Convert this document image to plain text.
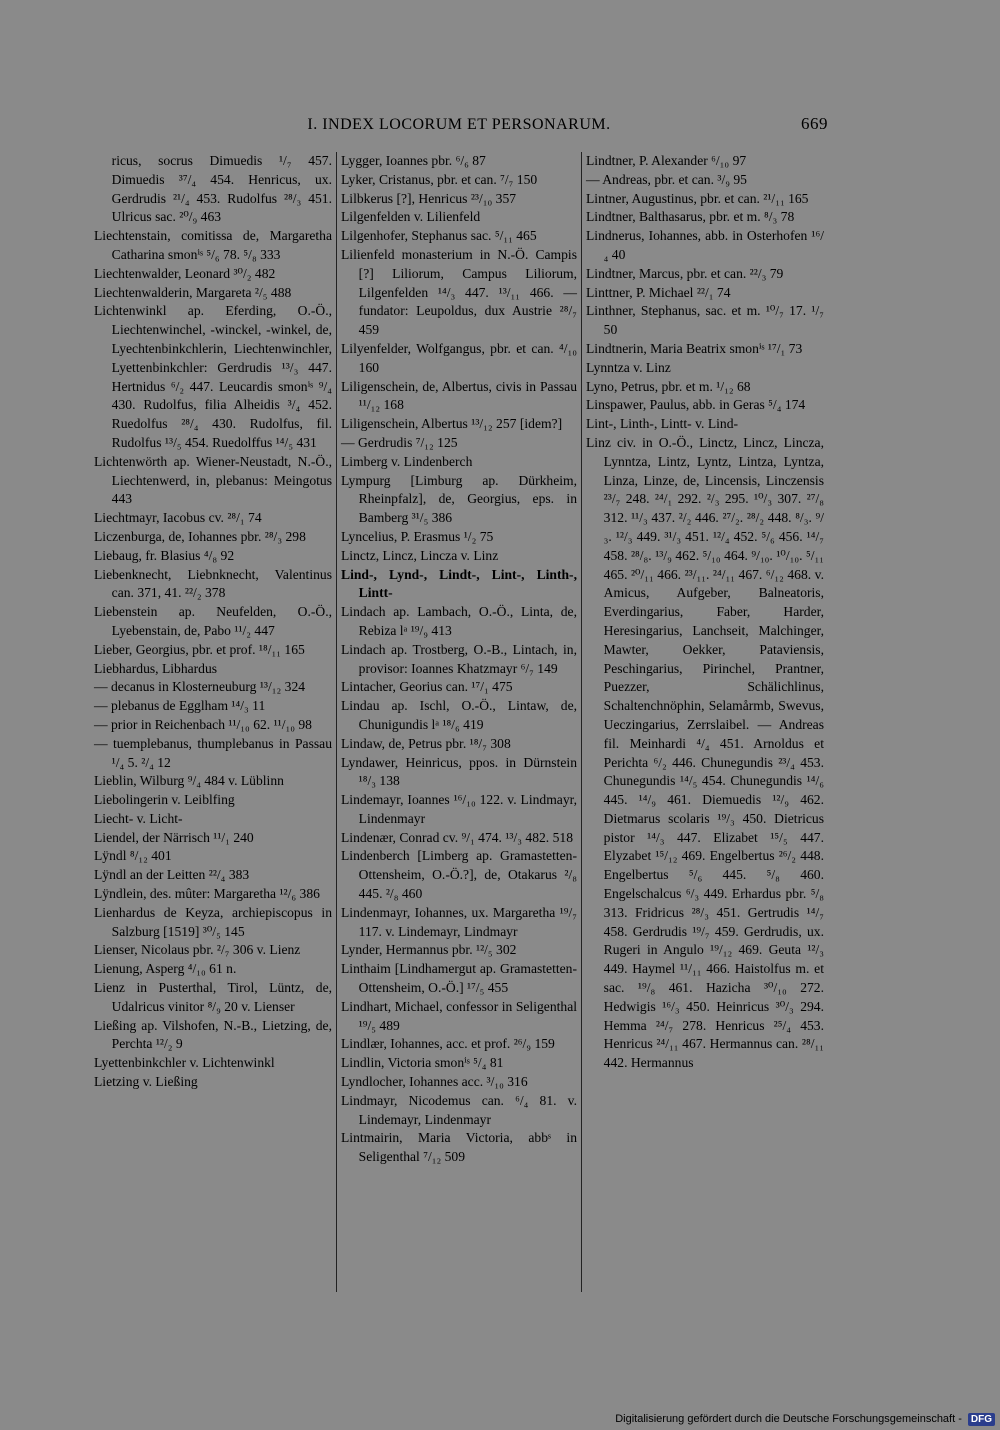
I. INDEX LOCORUM ET PERSONARUM.	669

ricus, socrus Dimuedis ¹/₇ 457. Dimuedis ³⁷/₄ 454. Henricus, ux. Gerdrudis ²¹/₄ 453. Rudolfus ²⁸/₃ 451. Ulricus sac. ²⁰/₉ 463

Liechtenstain, comitissa de, Margaretha Catharina smonⁱˢ ⁵/₆ 78. ⁵/₈ 333

Liechtenwalder, Leonard ³⁰/₂ 482

Liechtenwalderin, Margareta ²/₅ 488

Lichtenwinkl ap. Eferding, O.-Ö., Liechtenwinchel, -winckel, -winkel, de, Lyechtenbinkchlerin, Liechtenwinchler, Lyettenbinkchler: Gerdrudis ¹³/₃ 447. Hertnidus ⁶/₂ 447. Leucardis smonⁱˢ ⁹/₄ 430. Rudolfus, filia Alheidis ³/₄ 452. Ruedolfus ²⁸/₄ 430. Rudolfus, fil. Rudolfus ¹³/₅ 454. Ruedolffus ¹⁴/₅ 431

Lichtenwörth ap. Wiener-Neustadt, N.-Ö., Liechtenwerd, in, plebanus: Meingotus 443

Liechtmayr, Iacobus cv. ²⁸/₁ 74

Liczenburga, de, Iohannes pbr. ²⁸/₃ 298

Liebaug, fr. Blasius ⁴/₈ 92

Liebenknecht, Liebnknecht, Valentinus can. 371, 41. ²²/₂ 378

Liebenstein ap. Neufelden, O.-Ö., Lyebenstain, de, Pabo ¹¹/₂ 447

Lieber, Georgius, pbr. et prof. ¹⁸/₁₁ 165

Liebhardus, Libhardus

— decanus in Klosterneuburg ¹³/₁₂ 324

— plebanus de Egglham ¹⁴/₃ 11

— prior in Reichenbach ¹¹/₁₀ 62. ¹¹/₁₀ 98

— tuemplebanus, thumplebanus in Passau ¹/₄ 5. ²/₄ 12

Lieblin, Wilburg ⁹/₄ 484 v. Lüblinn

Liebolingerin v. Leiblfing

Liecht- v. Licht-

Liendel, der Närrisch ¹¹/₁ 240

Lÿndl ⁸/₁₂ 401

Lÿndl an der Leitten ²²/₄ 383

Lÿndlein, des. mûter: Margaretha ¹²/₆ 386

Lienhardus de Keyza, archiepiscopus in Salzburg [1519] ³⁰/₅ 145

Lienser, Nicolaus pbr. ²/₇ 306 v. Lienz

Lienung, Asperg ⁴/₁₀ 61 n.

Lienz in Pusterthal, Tirol, Lüntz, de, Udalricus vinitor ⁸/₉ 20 v. Lienser

Ließing ap. Vilshofen, N.-B., Lietzing, de, Perchta ¹²/₂ 9

Lyettenbinkchler v. Lichtenwinkl

Lietzing v. Ließing

Lygger, Ioannes pbr. ⁶/₆ 87

Lyker, Cristanus, pbr. et can. ⁷/₇ 150

Lilbkerus [?], Henricus ²³/₁₀ 357

Lilgenfelden v. Lilienfeld

Lilgenhofer, Stephanus sac. ⁵/₁₁ 465

Lilienfeld monasterium in N.-Ö. Campis [?] Liliorum, Campus Liliorum, Lilgenfelden ¹⁴/₃ 447. ¹³/₁₁ 466. — fundator: Leupoldus, dux Austrie ²⁸/₇ 459

Lilyenfelder, Wolfgangus, pbr. et can. ⁴/₁₀ 160

Liligenschein, de, Albertus, civis in Passau ¹¹/₁₂ 168

Liligenschein, Albertus ¹³/₁₂ 257 [idem?]

— Gerdrudis ⁷/₁₂ 125

Limberg v. Lindenberch

Lympurg [Limburg ap. Dürkheim, Rheinpfalz], de, Georgius, eps. in Bamberg ³¹/₅ 386

Lyncelius, P. Erasmus ¹/₂ 75

Linctz, Lincz, Lincza v. Linz

Lind-, Lynd-, Lindt-, Lint-, Linth-, Lintt-

Lindach ap. Lambach, O.-Ö., Linta, de, Rebiza lᵃ ¹⁹/₉ 413

Lindach ap. Trostberg, O.-B., Lintach, in, provisor: Ioannes Khatzmayr ⁶/₇ 149

Lintacher, Georius can. ¹⁷/₁ 475

Lindau ap. Ischl, O.-Ö., Lintaw, de, Chunigundis lᵃ ¹⁸/₆ 419

Lindaw, de, Petrus pbr. ¹⁸/₇ 308

Lyndawer, Heinricus, ppos. in Dürnstein ¹⁸/₃ 138

Lindemayr, Ioannes ¹⁶/₁₀ 122. v. Lindmayr, Lindenmayr

Lindenær, Conrad cv. ⁹/₁ 474. ¹³/₃ 482. 518

Lindenberch [Limberg ap. Gramastetten-Ottensheim, O.-Ö.?], de, Otakarus ²/₈ 445. ²/₈ 460

Lindenmayr, Iohannes, ux. Margaretha ¹⁹/₇ 117. v. Lindemayr, Lindmayr

Lynder, Hermannus pbr. ¹²/₅ 302

Linthaim [Lindhamergut ap. Gramastetten-Ottensheim, O.-Ö.] ¹⁷/₅ 455

Lindhart, Michael, confessor in Seligenthal ¹⁹/₅ 489

Lindlær, Iohannes, acc. et prof. ²⁶/₉ 159

Lindlin, Victoria smonⁱˢ ⁵/₄ 81

Lyndlocher, Iohannes acc. ³/₁₀ 316

Lindmayr, Nicodemus can. ⁶/₄ 81. v. Lindemayr, Lindenmayr

Lintmairin, Maria Victoria, abbˢ in Seligenthal ⁷/₁₂ 509

Lindtner, P. Alexander ⁶/₁₀ 97

— Andreas, pbr. et can. ³/₉ 95

Lintner, Augustinus, pbr. et can. ²¹/₁₁ 165

Lindtner, Balthasarus, pbr. et m. ⁸/₃ 78

Lindnerus, Iohannes, abb. in Osterhofen ¹⁶/₄ 40

Lindtner, Marcus, pbr. et can. ²²/₃ 79

Linttner, P. Michael ²²/₁ 74

Linthner, Stephanus, sac. et m. ¹⁰/₇ 17. ¹/₇ 50

Lindtnerin, Maria Beatrix smonⁱˢ ¹⁷/₁ 73

Lynntza v. Linz

Lyno, Petrus, pbr. et m. ¹/₁₂ 68

Linspawer, Paulus, abb. in Geras ⁵/₄ 174

Lint-, Linth-, Lintt- v. Lind-

Linz civ. in O.-Ö., Linctz, Lincz, Lincza, Lynntza, Lintz, Lyntz, Lintza, Lyntza, Linza, Linze, de, Lincensis, Linczensis ²³/₇ 248. ²⁴/₁ 292. ²/₃ 295. ¹⁰/₃ 307. ²⁷/₈ 312. ¹¹/₃ 437. ²/₂ 446. ²⁷/₂. ²⁸/₂ 448. ⁸/₃. ⁹/₃. ¹²/₃ 449. ³¹/₃ 451. ¹²/₄ 452. ⁵/₆ 456. ¹⁴/₇ 458. ²⁸/₈. ¹³/₉ 462. ⁵/₁₀ 464. ⁹/₁₀. ¹⁰/₁₀. ⁵/₁₁ 465. ²⁰/₁₁ 466. ²³/₁₁. ²⁴/₁₁ 467. ⁶/₁₂ 468. v. Amicus, Aufgeber, Balneatoris, Everdingarius, Faber, Harder, Heresingarius, Lanchseit, Malchinger, Mawter, Oekker, Pataviensis, Peschingarius, Pirinchel, Prantner, Puezzer, Schälichlinus, Schaltenchnöphin, Selamårmb, Swevus, Ueczingarius, Zerrslaibel. — Andreas fil. Meinhardi ⁴/₄ 451. Arnoldus et Perichta ⁶/₂ 446. Chunegundis ²³/₄ 453. Chunegundis ¹⁴/₅ 454. Chunegundis ¹⁴/₆ 445. ¹⁴/₉ 461. Diemuedis ¹²/₉ 462. Dietmarus scolaris ¹⁹/₃ 450. Dietricus pistor ¹⁴/₃ 447. Elizabet ¹⁵/₅ 447. Elyzabet ¹⁵/₁₂ 469. Engelbertus ²⁶/₂ 448. Engelbertus ⁵/₆ 445. ⁵/₈ 460. Engelschalcus ⁶/₃ 449. Erhardus pbr. ⁵/₈ 313. Fridricus ²⁸/₃ 451. Gertrudis ¹⁴/₇ 458. Gerdrudis ¹⁹/₇ 459. Gerdrudis, ux. Rugeri in Angulo ¹⁹/₁₂ 469. Geuta ¹²/₃ 449. Haymel ¹¹/₁₁ 466. Haistolfus m. et sac. ¹⁹/₈ 461. Hazicha ³⁰/₁₀ 272. Hedwigis ¹⁶/₃ 450. Heinricus ³⁰/₃ 294. Hemma ²⁴/₇ 278. Henricus ²⁵/₄ 453. Henricus ²⁴/₁₁ 467. Hermannus can. ²⁸/₁₁ 442. Hermannus

Digitalisierung gefördert durch die Deutsche Forschungsgemeinschaft - DFG
